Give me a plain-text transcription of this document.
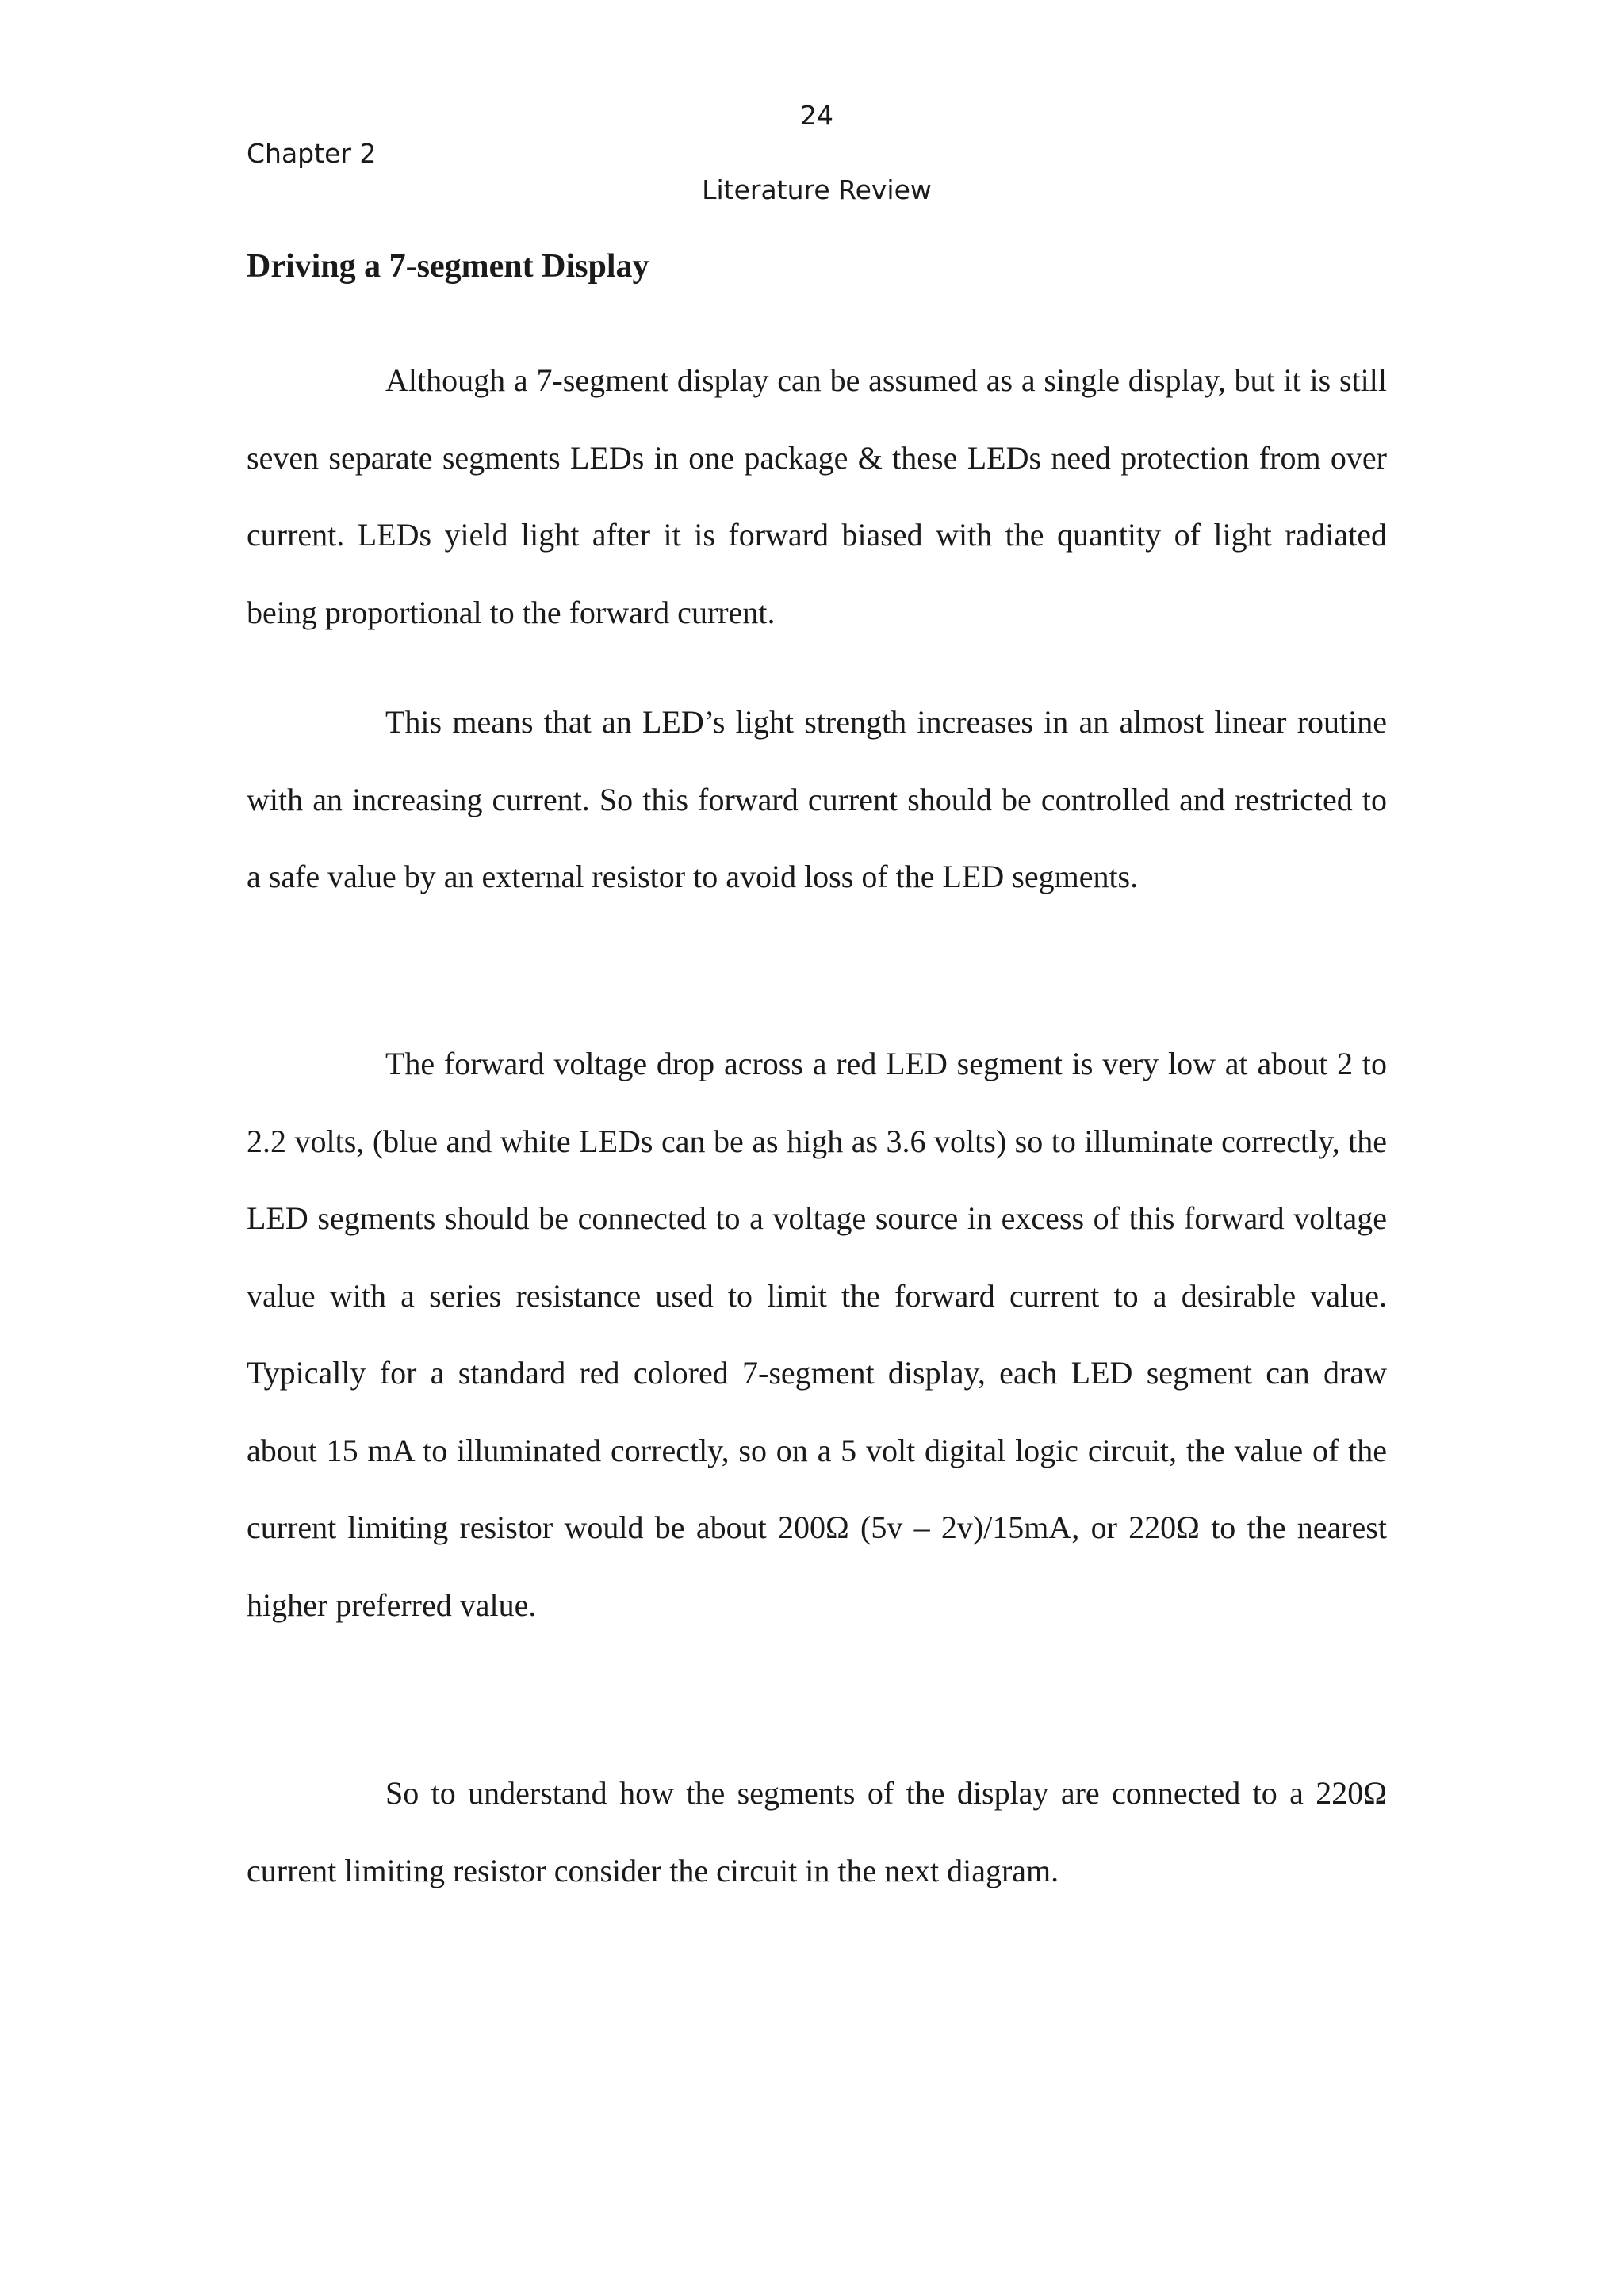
24

Chapter 2

Literature Review

Driving a 7-segment Display

Although a 7-segment display can be assumed as a single display, but it is still seven separate segments LEDs in one package & these LEDs need protection from over current. LEDs yield light after it is forward biased with the quantity of light radiated being proportional to the forward current.

This means that an LED’s light strength increases in an almost linear routine with an increasing current. So this forward current should be controlled and restricted to a safe value by an external resistor to avoid loss of the LED segments.

The forward voltage drop across a red LED segment is very low at about 2 to 2.2 volts, (blue and white LEDs can be as high as 3.6 volts) so to illuminate correctly, the LED segments should be connected to a voltage source in excess of this forward voltage value with a series resistance used to limit the forward current to a desirable value. Typically for a standard red colored 7-segment display, each LED segment can draw about 15 mA to illuminated correctly, so on a 5 volt digital logic circuit, the value of the current limiting resistor would be about 200Ω (5v – 2v)/15mA, or 220Ω to the nearest higher preferred value.

So to understand how the segments of the display are connected to a 220Ω current limiting resistor consider the circuit in the next diagram.
